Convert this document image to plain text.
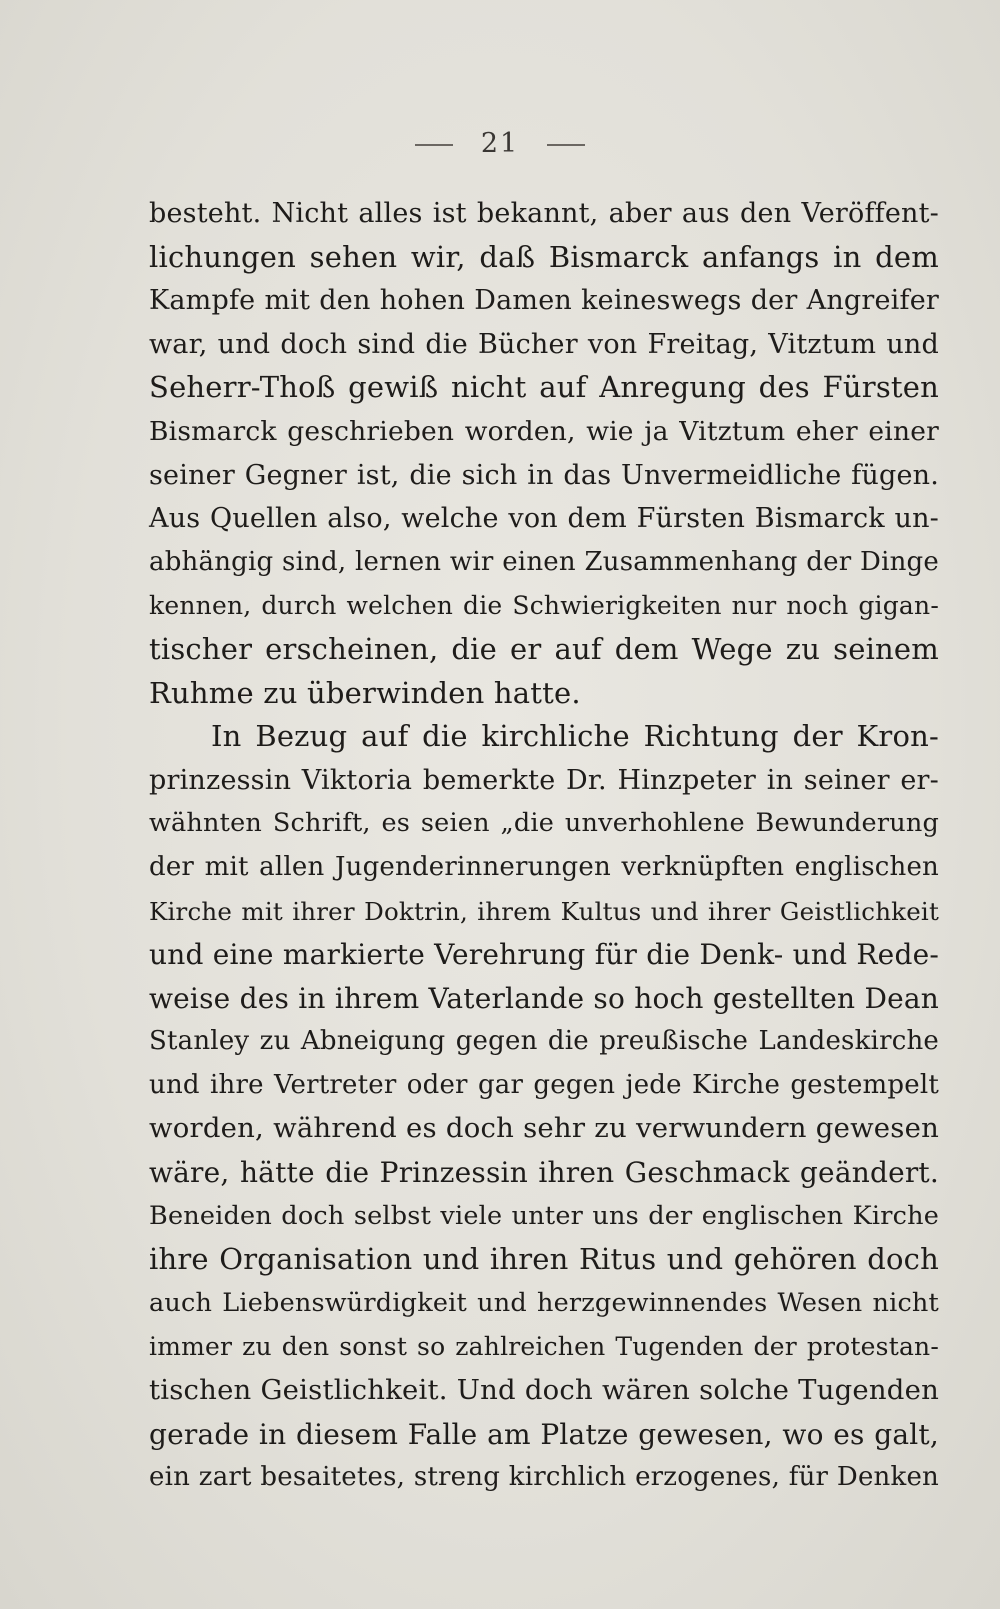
21
besteht. Nicht alles ist bekannt, aber aus den Veröffent-
lichungen sehen wir, daß Bismarck anfangs in dem
Kampfe mit den hohen Damen keineswegs der Angreifer
war, und doch sind die Bücher von Freitag, Vitztum und
Seherr-Thoß gewiß nicht auf Anregung des Fürsten
Bismarck geschrieben worden, wie ja Vitztum eher einer
seiner Gegner ist, die sich in das Unvermeidliche fügen.
Aus Quellen also, welche von dem Fürsten Bismarck un-
abhängig sind, lernen wir einen Zusammenhang der Dinge
kennen, durch welchen die Schwierigkeiten nur noch gigan-
tischer erscheinen, die er auf dem Wege zu seinem
Ruhme zu überwinden hatte.
In Bezug auf die kirchliche Richtung der Kron-
prinzessin Viktoria bemerkte Dr. Hinzpeter in seiner er-
wähnten Schrift, es seien „die unverhohlene Bewunderung
der mit allen Jugenderinnerungen verknüpften englischen
Kirche mit ihrer Doktrin, ihrem Kultus und ihrer Geistlichkeit
und eine markierte Verehrung für die Denk- und Rede-
weise des in ihrem Vaterlande so hoch gestellten Dean
Stanley zu Abneigung gegen die preußische Landeskirche
und ihre Vertreter oder gar gegen jede Kirche gestempelt
worden, während es doch sehr zu verwundern gewesen
wäre, hätte die Prinzessin ihren Geschmack geändert.
Beneiden doch selbst viele unter uns der englischen Kirche
ihre Organisation und ihren Ritus und gehören doch
auch Liebenswürdigkeit und herzgewinnendes Wesen nicht
immer zu den sonst so zahlreichen Tugenden der protestan-
tischen Geistlichkeit. Und doch wären solche Tugenden
gerade in diesem Falle am Platze gewesen, wo es galt,
ein zart besaitetes, streng kirchlich erzogenes, für Denken
